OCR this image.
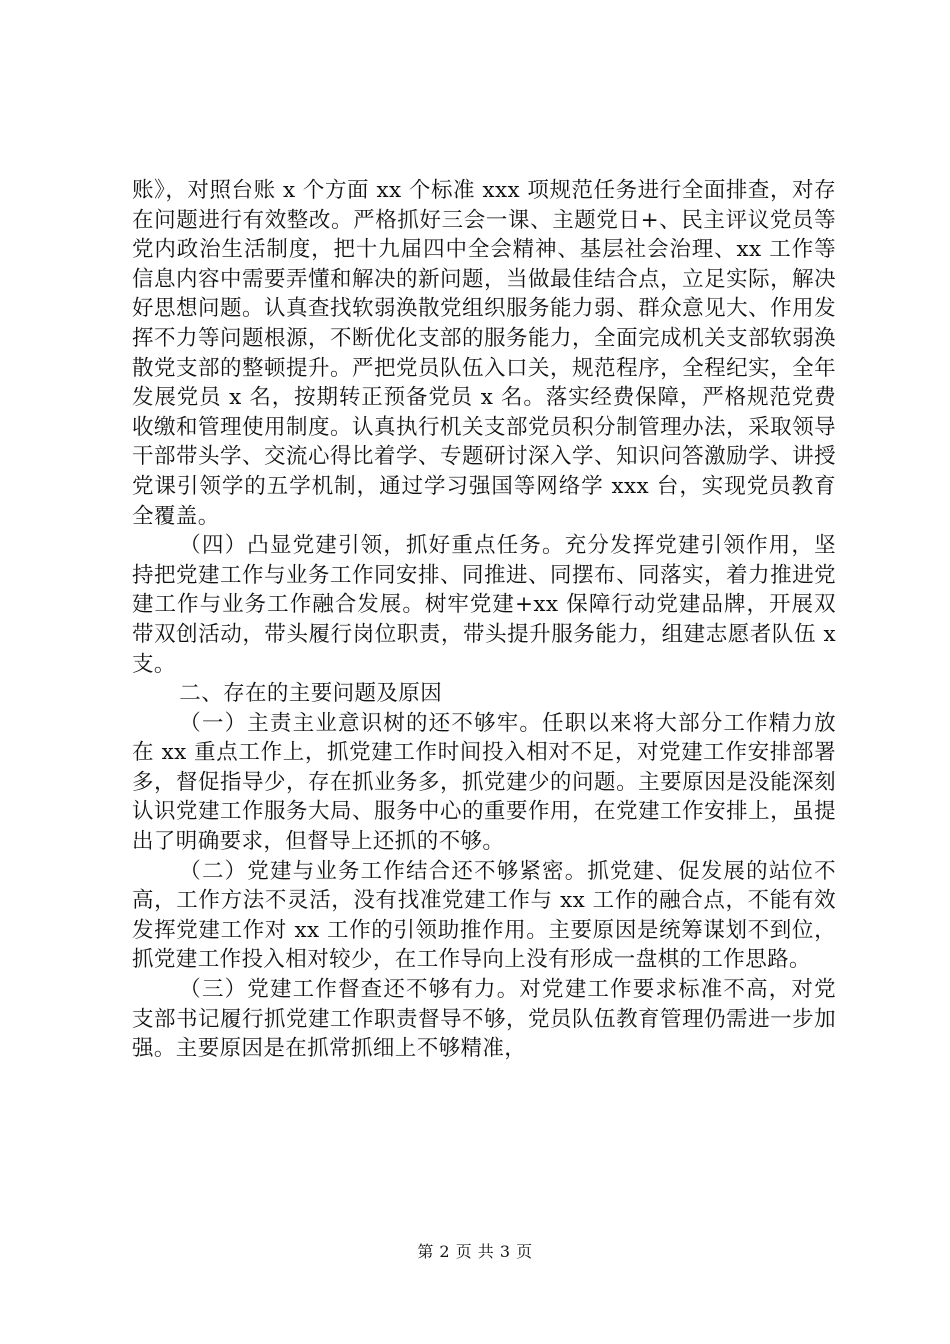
账》，对照台账 x 个方面 xx 个标准 xxx 项规范任务进行全面排查，对存在问题进行有效整改。严格抓好三会一课、主题党日+、民主评议党员等党内政治生活制度，把十九届四中全会精神、基层社会治理、xx 工作等信息内容中需要弄懂和解决的新问题，当做最佳结合点，立足实际，解决好思想问题。认真查找软弱涣散党组织服务能力弱、群众意见大、作用发挥不力等问题根源，不断优化支部的服务能力，全面完成机关支部软弱涣散党支部的整顿提升。严把党员队伍入口关，规范程序，全程纪实，全年发展党员 x 名，按期转正预备党员 x 名。落实经费保障，严格规范党费收缴和管理使用制度。认真执行机关支部党员积分制管理办法，采取领导干部带头学、交流心得比着学、专题研讨深入学、知识问答激励学、讲授党课引领学的五学机制，通过学习强国等网络学 xxx 台，实现党员教育全覆盖。

（四）凸显党建引领，抓好重点任务。充分发挥党建引领作用，坚持把党建工作与业务工作同安排、同推进、同摆布、同落实，着力推进党建工作与业务工作融合发展。树牢党建+xx 保障行动党建品牌，开展双带双创活动，带头履行岗位职责，带头提升服务能力，组建志愿者队伍 x 支。

二、存在的主要问题及原因

（一）主责主业意识树的还不够牢。任职以来将大部分工作精力放在 xx 重点工作上，抓党建工作时间投入相对不足，对党建工作安排部署多，督促指导少，存在抓业务多，抓党建少的问题。主要原因是没能深刻认识党建工作服务大局、服务中心的重要作用，在党建工作安排上，虽提出了明确要求，但督导上还抓的不够。

（二）党建与业务工作结合还不够紧密。抓党建、促发展的站位不高，工作方法不灵活，没有找准党建工作与 xx 工作的融合点，不能有效发挥党建工作对 xx 工作的引领助推作用。主要原因是统筹谋划不到位，抓党建工作投入相对较少，在工作导向上没有形成一盘棋的工作思路。

（三）党建工作督查还不够有力。对党建工作要求标准不高，对党支部书记履行抓党建工作职责督导不够，党员队伍教育管理仍需进一步加强。主要原因是在抓常抓细上不够精准，

第 2 页 共 3 页
